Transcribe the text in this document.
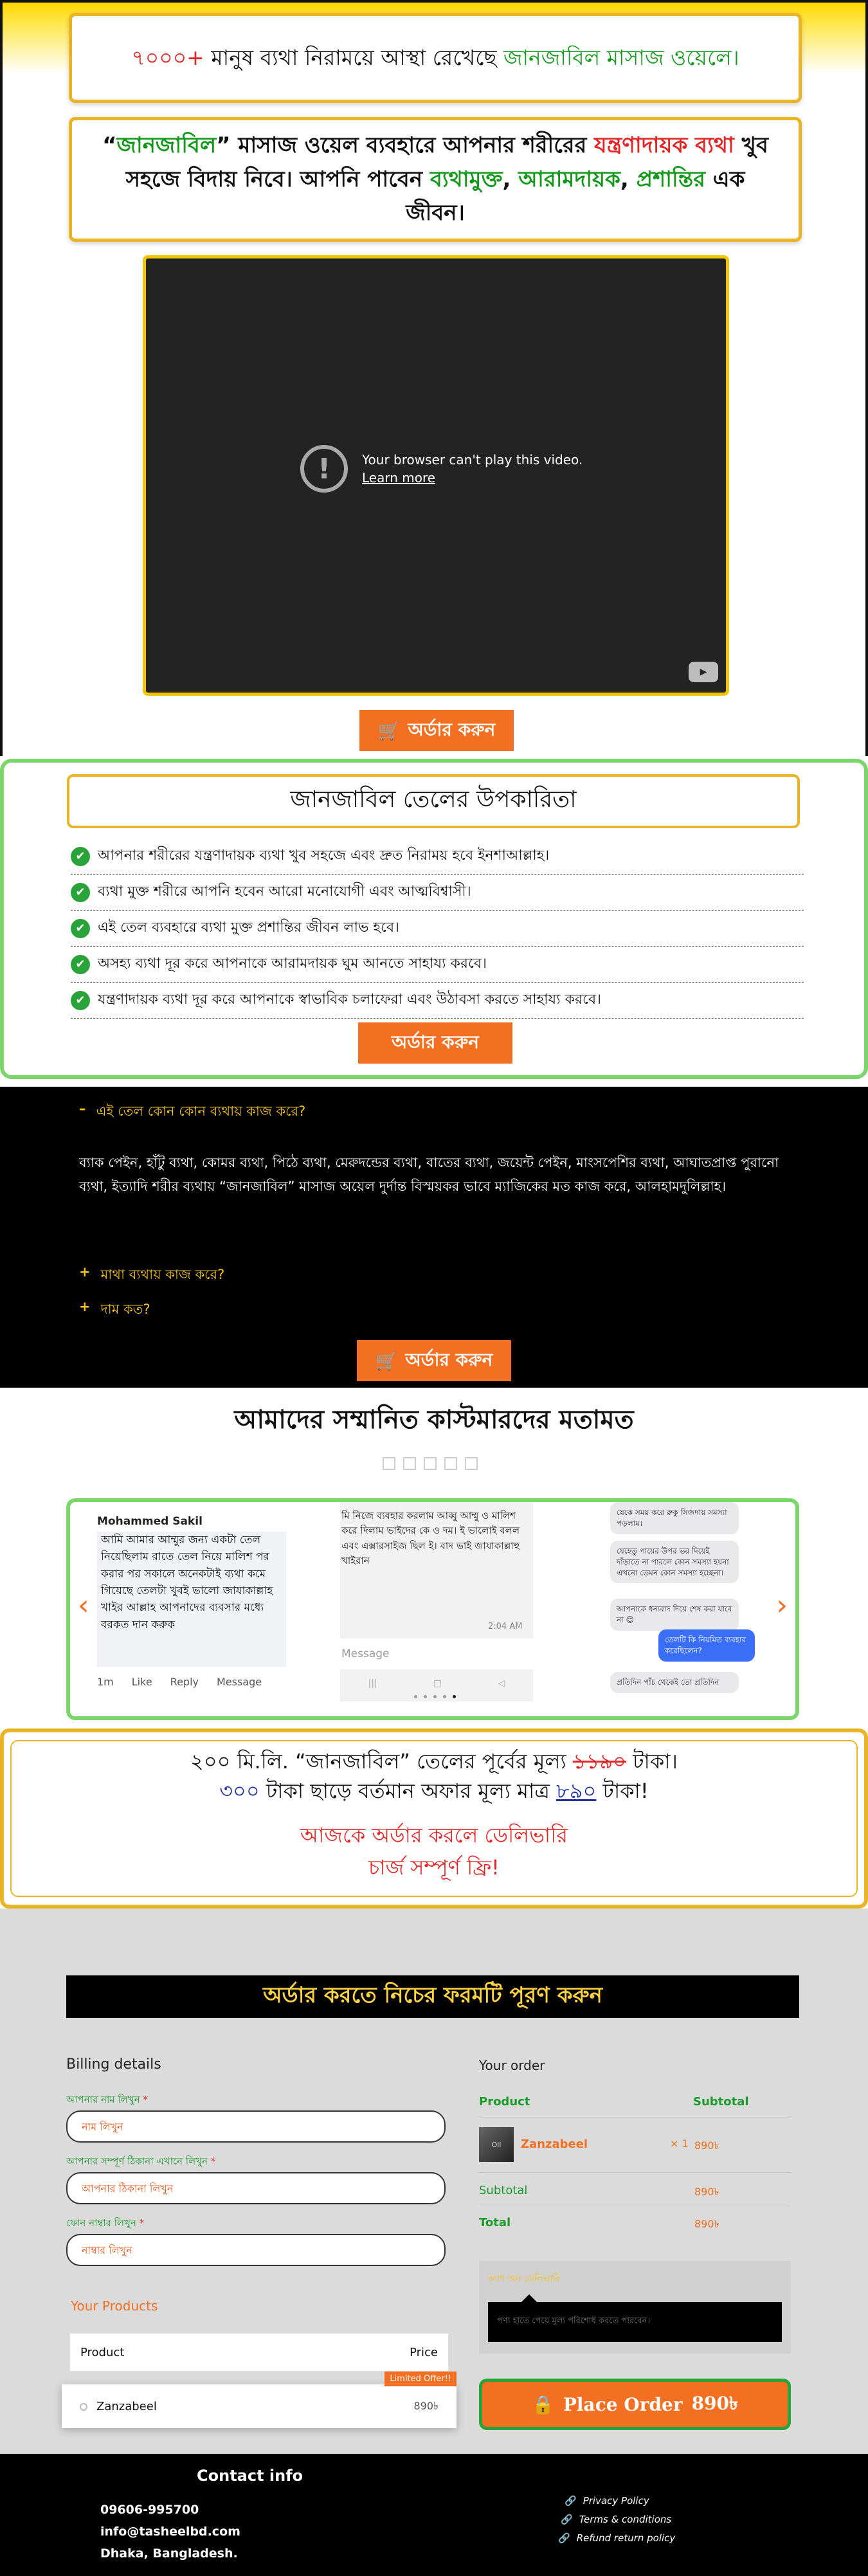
৭০০০+ মানুষ ব্যথা নিরাময়ে আস্থা রেখেছে জানজাবিল মাসাজ ওয়েলে।

“জানজাবিল” মাসাজ ওয়েল ব্যবহারে আপনার শরীরের যন্ত্রণাদায়ক ব্যথা খুব সহজে বিদায় নিবে। আপনি পাবেন ব্যথামুক্ত, আরামদায়ক, প্রশান্তির এক জীবন।

!	Your browser can't play this video.
Learn more
▶
🛒 অর্ডার করুন
জানজাবিল তেলের উপকারিতা
✔ আপনার শরীরের যন্ত্রণাদায়ক ব্যথা খুব সহজে এবং দ্রুত নিরাময় হবে ইনশাআল্লাহ।
✔ ব্যথা মুক্ত শরীরে আপনি হবেন আরো মনোযোগী এবং আত্মবিশ্বাসী।
✔ এই তেল ব্যবহারে ব্যথা মুক্ত প্রশান্তির জীবন লাভ হবে।
✔ অসহ্য ব্যথা দূর করে আপনাকে আরামদায়ক ঘুম আনতে সাহায্য করবে।
✔ যন্ত্রণাদায়ক ব্যথা দূর করে আপনাকে স্বাভাবিক চলাফেরা এবং উঠাবসা করতে সাহায্য করবে।
অর্ডার করুন
– এই তেল কোন কোন ব্যথায় কাজ করে?

ব্যাক পেইন, হাঁটু ব্যথা, কোমর ব্যথা, পিঠে ব্যথা, মেরুদন্ডের ব্যথা, বাতের ব্যথা, জয়েন্ট পেইন, মাংসপেশির ব্যথা, আঘাতপ্রাপ্ত পুরানো ব্যথা, ইত্যাদি শরীর ব্যথায় “জানজাবিল” মাসাজ অয়েল দুর্দান্ত বিস্ময়কর ভাবে ম্যাজিকের মত কাজ করে, আলহামদুলিল্লাহ।

+ মাথা ব্যথায় কাজ করে?
+ দাম কত?
🛒 অর্ডার করুন
আমাদের সম্মানিত কাস্টমারদের মতামত
‹	›
Mohammed Sakil
আমি আমার আম্মুর জন্য একটা তেল নিয়েছিলাম রাতে তেল নিয়ে মালিশ পর করার পর সকালে অনেকটাই ব্যথা কমে গিয়েছে তেলটা খুবই ভালো জাযাকাল্লাহ খাইর আল্লাহ আপনাদের ব্যবসার মধ্যে বরকত দান করুক
1m Like Reply Message
মি নিজে ব্যবহার করলাম আব্বু আম্মু ও মালিশ করে দিলাম ভাইদের কে ও দম। ই ভালোই বলল এবং এক্সারসাইজ ছিল ই। বাদ ভাই জাযাকাল্লাহু খাইরান
2:04 AM
Message
|||	□	◁
যেকে সময় করে রুকু সিজদায় সমস্যা পড়লাম।
যেহেতু পায়ের উপর ভর দিয়েই দাঁড়াতে না পারলে কোন সমস্যা হয়না এখনো তেমন কোন সমস্যা হচ্ছেনা।
আপনাকে ধন্যবাদ দিয়ে শেষ করা যাবে না 😊
তেলটি কি নিয়মিত ব্যবহার করেছিলেন?
প্রতিদিন পাঁচ থেকেই তো প্রতিদিন

২০০ মি.লি. “জানজাবিল” তেলের পূর্বের মূল্য ১১৯০ টাকা।

৩০০ টাকা ছাড়ে বর্তমান অফার মূল্য মাত্র ৮৯০ টাকা!

আজকে অর্ডার করলে ডেলিভারি
চার্জ সম্পূর্ণ ফ্রি!

অর্ডার করতে নিচের ফরমটি পূরণ করুন
Billing details
আপনার নাম লিখুন *
নাম লিখুন
আপনার সম্পূর্ণ ঠিকানা এখানে লিখুন *
আপনার ঠিকানা লিখুন
ফোন নাম্বার লিখুন *
নাম্বার লিখুন
Your Products
Product	Price
Limited Offer!!
Zanzabeel	890৳
Your order
Product	Subtotal
Oil	Zanzabeel	× 1 890৳
Subtotal	890৳
Total	890৳
ক্যাশ অন ডেলিভারি
পণ্য হাতে পেয়ে মূল্য পরিশোধ করতে পারবেন।
🔒 Place Order 890৳
Contact info
09606-995700
info@tasheelbd.com
Dhaka, Bangladesh.
🔗 Privacy Policy
🔗 Terms & conditions
🔗 Refund return policy
